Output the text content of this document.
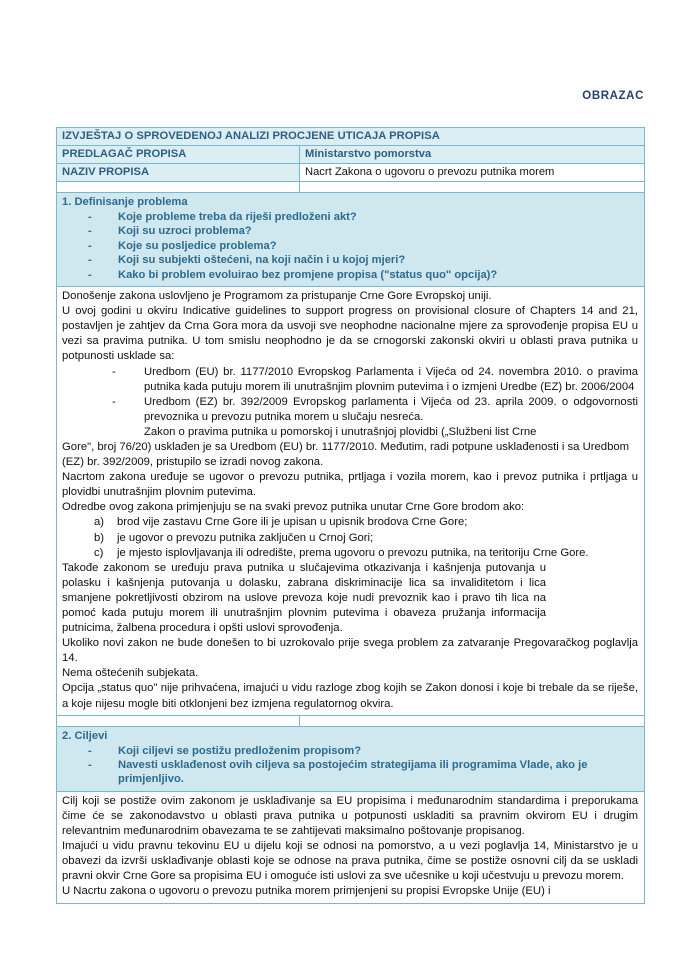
OBRAZAC
IZVJEŠTAJ O SPROVEDENOJ ANALIZI PROCJENE UTICAJA PROPISA	
PREDLAGAČ PROPISA	Ministarstvo pomorstva
NAZIV PROPISA	Nacrt Zakona o ugovoru o prevozu putnika morem

1. Definisanje problema
- Koje probleme treba da riješi predloženi akt?
- Koji su uzroci problema?
- Koje su posljedice problema?
- Koji su subjekti oštećeni, na koji način i u kojoj mjeri?
- Kako bi problem evoluirao bez promjene propisa ("status quo" opcija)?

Donošenje zakona uslovljeno je Programom za pristupanje Crne Gore Evropskoj uniji.

U ovoj godini u okviru Indicative guidelines to support progress on provisional closure of Chapters 14 and 21, postavljen je zahtjev da Crna Gora mora da usvoji sve neophodne nacionalne mjere za sprovođenje propisa EU u vezi sa pravima putnika. U tom smislu neophodno je da se crnogorski zakonski okviri u oblasti prava putnika u potpunosti usklade sa:

- Uredbom (EU) br. 1177/2010 Evropskog Parlamenta i Vijeća od 24. novembra 2010. o pravima putnika kada putuju morem ili unutrašnjim plovnim putevima i o izmjeni Uredbe (EZ) br. 2006/2004
- Uredbom (EZ) br. 392/2009 Evropskog parlamenta i Vijeća od 23. aprila 2009. o odgovornosti prevoznika u prevozu putnika morem u slučaju nesreća.
Zakon o pravima putnika u pomorskoj i unutrašnjoj plovidbi („Službeni list Crne

Gore", broj 76/20) usklađen je sa Uredbom (EU) br. 1177/2010. Međutim, radi potpune usklađenosti i sa Uredbom (EZ) br. 392/2009, pristupilo se izradi novog zakona.

Nacrtom zakona uređuje se ugovor o prevozu putnika, prtljaga i vozila morem, kao i prevoz putnika i prtljaga u plovidbi unutrašnjim plovnim putevima.

Odredbe ovog zakona primjenjuju se na svaki prevoz putnika unutar Crne Gore brodom ako:

a) brod vije zastavu Crne Gore ili je upisan u upisnik brodova Crne Gore;
b) je ugovor o prevozu putnika zaključen u Crnoj Gori;
c) je mjesto isplovljavanja ili odredište, prema ugovoru o prevozu putnika, na teritoriju Crne Gore.

Takođe zakonom se uređuju prava putnika u slučajevima otkazivanja i kašnjenja putovanja u polasku i kašnjenja putovanja u dolasku, zabrana diskriminacije lica sa invaliditetom i lica smanjene pokretljivosti obzirom na uslove prevoza koje nudi prevoznik kao i pravo tih lica na pomoć kada putuju morem ili unutrašnjim plovnim putevima i obaveza pružanja informacija putnicima, žalbena procedura i opšti uslovi sprovođenja.

Ukoliko novi zakon ne bude donešen to bi uzrokovalo prije svega problem za zatvaranje Pregovaračkog poglavlja 14.

Nema oštećenih subjekata.

Opcija „status quo" nije prihvaćena, imajući u vidu razloge zbog kojih se Zakon donosi i koje bi trebale da se riješe, a koje nijesu mogle biti otklonjeni bez izmjena regulatornog okvira.

2. Ciljevi
- Koji ciljevi se postižu predloženim propisom?
- Navesti usklađenost ovih ciljeva sa postojećim strategijama ili programima Vlade, ako je primjenljivo.

Cilj koji se postiže ovim zakonom je usklađivanje sa EU propisima i međunarodnim standardima i preporukama čime će se zakonodavstvo u oblasti prava putnika u potpunosti uskladiti sa pravnim okvirom EU i drugim relevantnim međunarodnim obavezama te se zahtijevati maksimalno poštovanje propisanog.

Imajući u vidu pravnu tekovinu EU u dijelu koji se odnosi na pomorstvo, a u vezi poglavlja 14, Ministarstvo je u obavezi da izvrši usklađivanje oblasti koje se odnose na prava putnika, čime se postiže osnovni cilj da se uskladi pravni okvir Crne Gore sa propisima EU i omoguće isti uslovi za sve učesnike u koji učestvuju u prevozu morem.

U Nacrtu zakona o ugovoru o prevozu putnika morem primjenjeni su propisi Evropske Unije (EU) i	
